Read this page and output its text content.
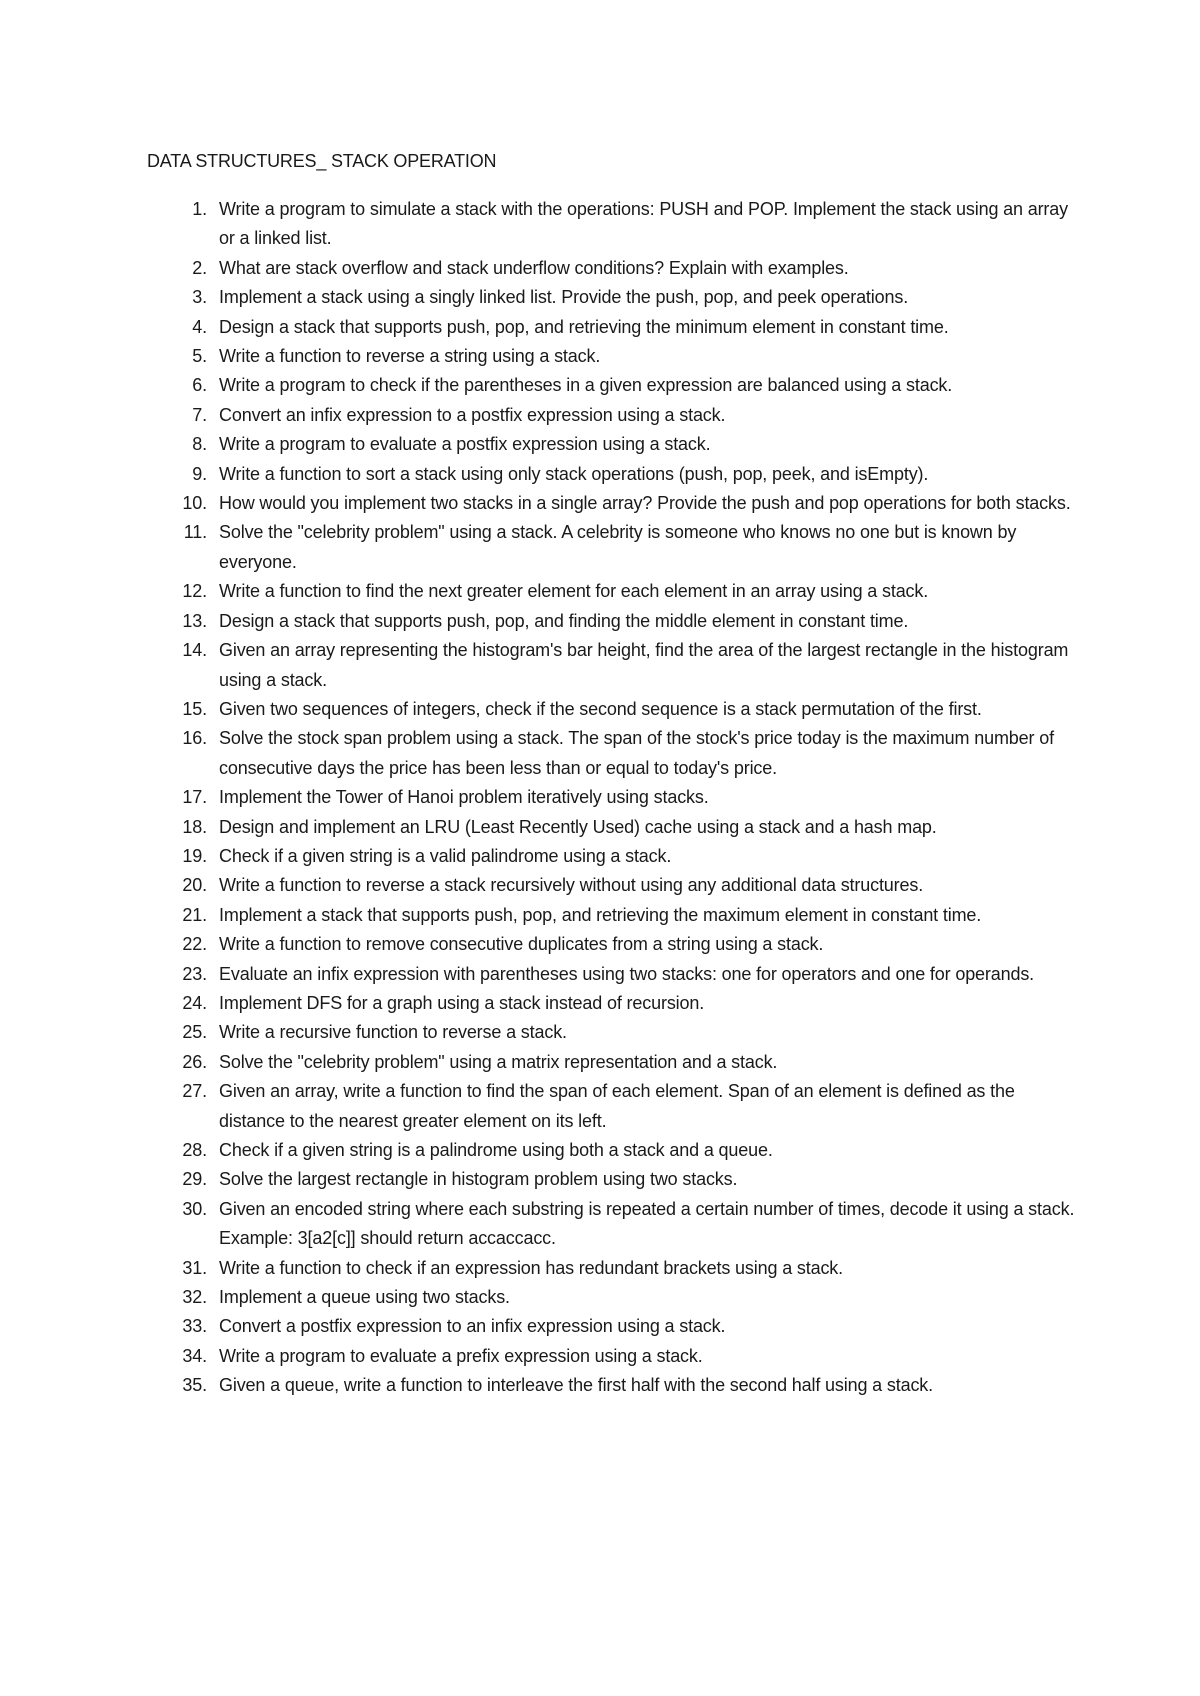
DATA STRUCTURES_ STACK OPERATION
1. Write a program to simulate a stack with the operations: PUSH and POP. Implement the stack using an array or a linked list.
2. What are stack overflow and stack underflow conditions? Explain with examples.
3. Implement a stack using a singly linked list. Provide the push, pop, and peek operations.
4. Design a stack that supports push, pop, and retrieving the minimum element in constant time.
5. Write a function to reverse a string using a stack.
6. Write a program to check if the parentheses in a given expression are balanced using a stack.
7. Convert an infix expression to a postfix expression using a stack.
8. Write a program to evaluate a postfix expression using a stack.
9. Write a function to sort a stack using only stack operations (push, pop, peek, and isEmpty).
10. How would you implement two stacks in a single array? Provide the push and pop operations for both stacks.
11. Solve the "celebrity problem" using a stack. A celebrity is someone who knows no one but is known by everyone.
12. Write a function to find the next greater element for each element in an array using a stack.
13. Design a stack that supports push, pop, and finding the middle element in constant time.
14. Given an array representing the histogram's bar height, find the area of the largest rectangle in the histogram using a stack.
15. Given two sequences of integers, check if the second sequence is a stack permutation of the first.
16. Solve the stock span problem using a stack. The span of the stock's price today is the maximum number of consecutive days the price has been less than or equal to today's price.
17. Implement the Tower of Hanoi problem iteratively using stacks.
18. Design and implement an LRU (Least Recently Used) cache using a stack and a hash map.
19. Check if a given string is a valid palindrome using a stack.
20. Write a function to reverse a stack recursively without using any additional data structures.
21. Implement a stack that supports push, pop, and retrieving the maximum element in constant time.
22. Write a function to remove consecutive duplicates from a string using a stack.
23. Evaluate an infix expression with parentheses using two stacks: one for operators and one for operands.
24. Implement DFS for a graph using a stack instead of recursion.
25. Write a recursive function to reverse a stack.
26. Solve the "celebrity problem" using a matrix representation and a stack.
27. Given an array, write a function to find the span of each element. Span of an element is defined as the distance to the nearest greater element on its left.
28. Check if a given string is a palindrome using both a stack and a queue.
29. Solve the largest rectangle in histogram problem using two stacks.
30. Given an encoded string where each substring is repeated a certain number of times, decode it using a stack. Example: 3[a2[c]] should return accaccacc.
31. Write a function to check if an expression has redundant brackets using a stack.
32. Implement a queue using two stacks.
33. Convert a postfix expression to an infix expression using a stack.
34. Write a program to evaluate a prefix expression using a stack.
35. Given a queue, write a function to interleave the first half with the second half using a stack.
